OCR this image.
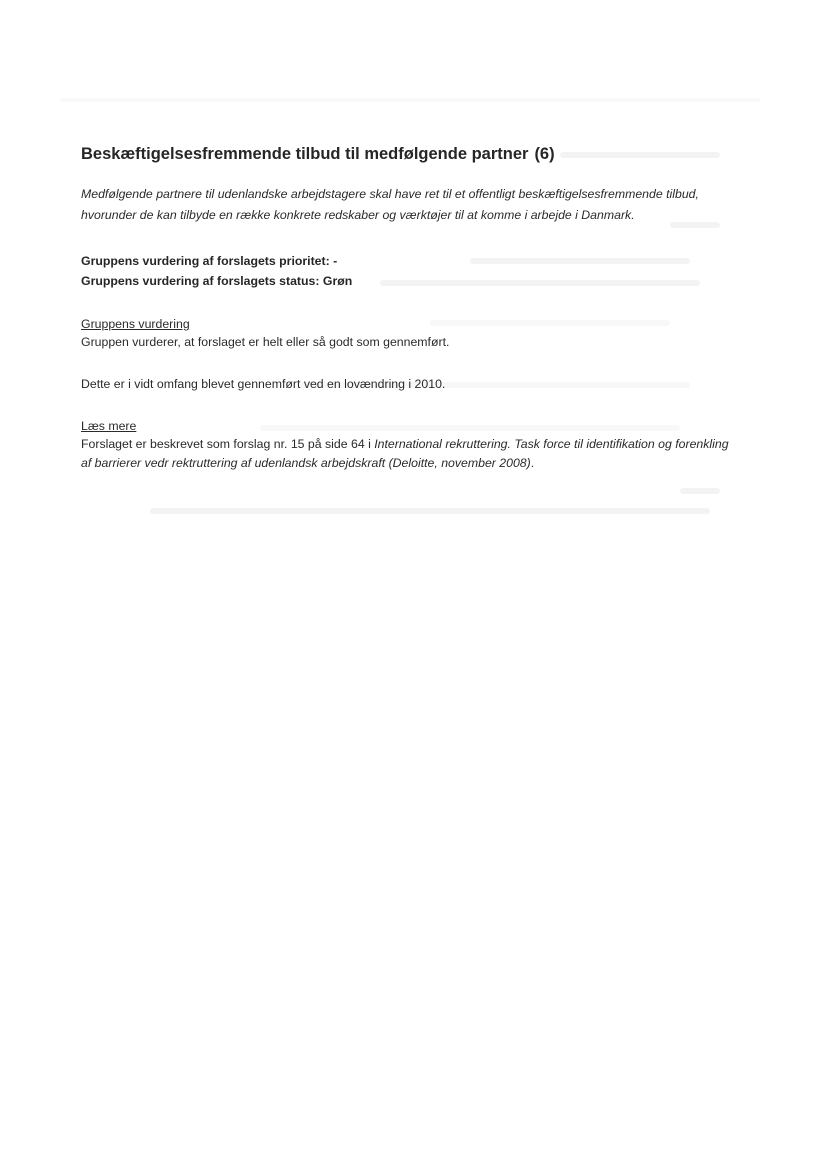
Beskæftigelsesfremmende tilbud til medfølgende partner (6)

Medfølgende partnere til udenlandske arbejdstagere skal have ret til et offentligt beskæftigelsesfremmende tilbud, hvorunder de kan tilbyde en række konkrete redskaber og værktøjer til at komme i arbejde i Danmark.

Gruppens vurdering af forslagets prioritet: -
Gruppens vurdering af forslagets status: Grøn
Gruppens vurdering

Gruppen vurderer, at forslaget er helt eller så godt som gennemført.

Dette er i vidt omfang blevet gennemført ved en lovændring i 2010.

Læs mere

Forslaget er beskrevet som forslag nr. 15 på side 64 i International rekruttering. Task force til identifikation og forenkling af barrierer vedr rektruttering af udenlandsk arbejdskraft (Deloitte, november 2008).
